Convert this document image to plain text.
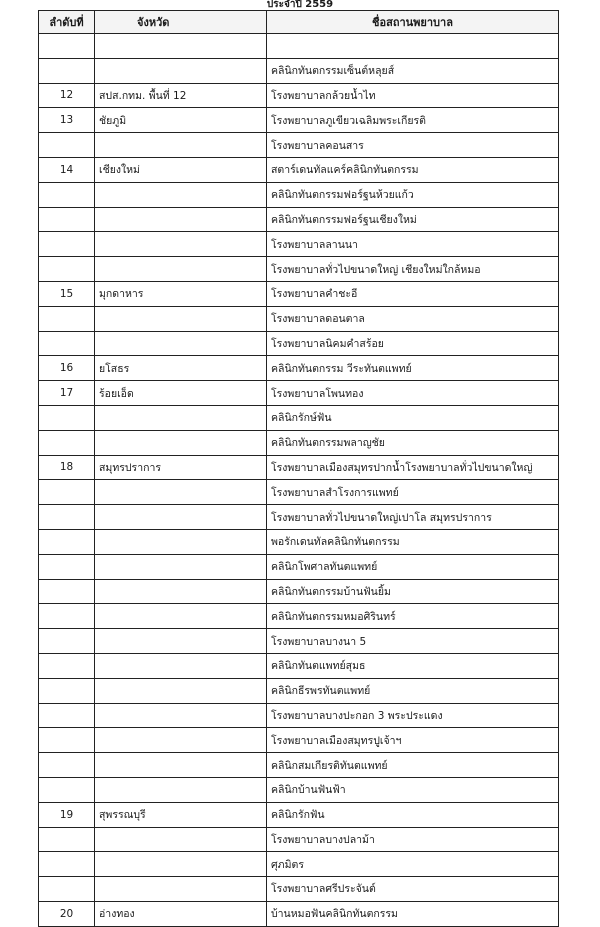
ประจำปี 2559
ลำดับที่	จังหวัด	ชื่อสถานพยาบาล

		คลินิกทันตกรรมเซ็นต์หลุยส์
12	สปส.กทม. พื้นที่ 12	โรงพยาบาลกล้วยน้ำไท
13	ชัยภูมิ	โรงพยาบาลภูเขียวเฉลิมพระเกียรติ
		โรงพยาบาลคอนสาร
14	เชียงใหม่	สตาร์เดนทัลแคร์คลินิกทันตกรรม
		คลินิกทันตกรรมฟอร์ฐนห้วยแก้ว
		คลินิกทันตกรรมฟอร์ฐนเชียงใหม่
		โรงพยาบาลลานนา
		โรงพยาบาลทั่วไปขนาดใหญ่ เชียงใหม่ใกล้หมอ
15	มุกดาหาร	โรงพยาบาลคำชะอี
		โรงพยาบาลดอนตาล
		โรงพยาบาลนิคมคำสร้อย
16	ยโสธร	คลินิกทันตกรรม วีระทันตแพทย์
17	ร้อยเอ็ด	โรงพยาบาลโพนทอง
		คลินิกรักษ์ฟัน
		คลินิกทันตกรรมพลาญชัย
18	สมุทรปราการ	โรงพยาบาลเมืองสมุทรปากน้ำโรงพยาบาลทั่วไปขนาดใหญ่
		โรงพยาบาลสำโรงการแพทย์
		โรงพยาบาลทั่วไปขนาดใหญ่เปาโล สมุทรปราการ
		พอรักเดนทัลคลินิกทันตกรรม
		คลินิกโพศาลทันตแพทย์
		คลินิกทันตกรรมบ้านฟันยิ้ม
		คลินิกทันตกรรมหมอศิรินทร์
		โรงพยาบาลบางนา 5
		คลินิกทันตแพทย์สุมธ
		คลินิกธีรพรทันตแพทย์
		โรงพยาบาลบางปะกอก 3 พระประแดง
		โรงพยาบาลเมืองสมุทรปูเจ้าฯ
		คลินิกสมเกียรติทันตแพทย์
		คลินิกบ้านฟันฟ้า
19	สุพรรณบุรี	คลินิกรักฟัน
		โรงพยาบาลบางปลาม้า
		ศุภมิตร
		โรงพยาบาลศรีประจันต์
20	อ่างทอง	บ้านหมอฟันคลินิกทันตกรรม
